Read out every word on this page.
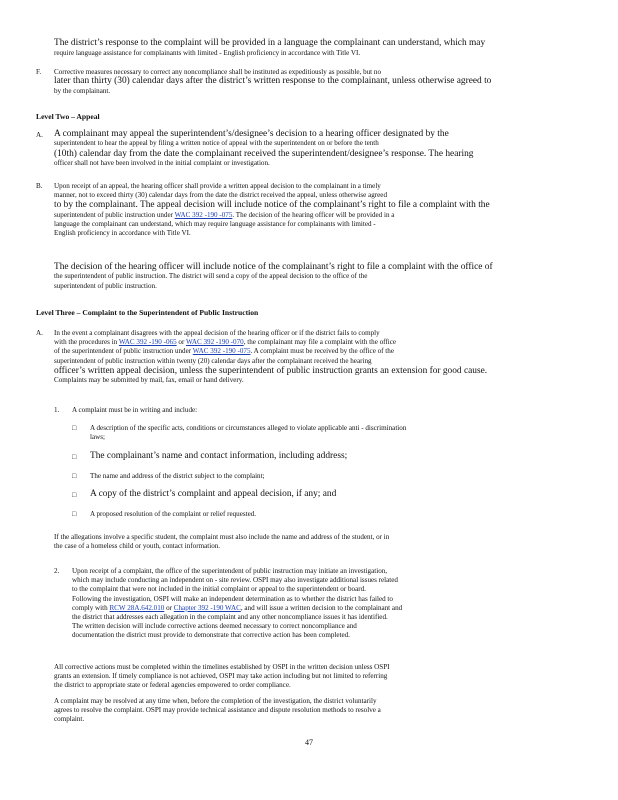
The district’s response to the complaint will be provided in a language the complainant can understand, which may
require language assistance for complainants with limited - English proficiency in accordance with Title VI.
F. Corrective measures necessary to correct any noncompliance shall be instituted as expeditiously as possible, but no
later than thirty (30) calendar days after the district’s written response to the complainant, unless otherwise agreed to
by the complainant.
Level Two – Appeal
A. A complainant may appeal the superintendent’s/designee’s decision to a hearing officer designated by the
superintendent to hear the appeal by filing a written notice of appeal with the superintendent on or before the tenth
(10th) calendar day from the date the complainant received the superintendent/designee’s response. The hearing
officer shall not have been involved in the initial complaint or investigation.
B. Upon receipt of an appeal, the hearing officer shall provide a written appeal decision to the complainant in a timely
manner, not to exceed thirty (30) calendar days from the date the district received the appeal, unless otherwise agreed
to by the complainant. The appeal decision will include notice of the complainant’s right to file a complaint with the
superintendent of public instruction under WAC 392 -190 -075. The decision of the hearing officer will be provided in a
language the complainant can understand, which may require language assistance for complainants with limited -
English proficiency in accordance with Title VI.
The decision of the hearing officer will include notice of the complainant’s right to file a complaint with the office of
the superintendent of public instruction. The district will send a copy of the appeal decision to the office of the
superintendent of public instruction.
Level Three – Complaint to the Superintendent of Public Instruction
A. In the event a complainant disagrees with the appeal decision of the hearing officer or if the district fails to comply
with the procedures in WAC 392 -190 -065 or WAC 392 -190 -070, the complainant may file a complaint with the office
of the superintendent of public instruction under WAC 392 -190 -075. A complaint must be received by the office of the
superintendent of public instruction within twenty (20) calendar days after the complainant received the hearing
officer’s written appeal decision, unless the superintendent of public instruction grants an extension for good cause.
Complaints may be submitted by mail, fax, email or hand delivery.
1. A complaint must be in writing and include:
□ A description of the specific acts, conditions or circumstances alleged to violate applicable anti - discrimination
laws;
□ The complainant’s name and contact information, including address;
□ The name and address of the district subject to the complaint;
□ A copy of the district’s complaint and appeal decision, if any; and
□ A proposed resolution of the complaint or relief requested.
If the allegations involve a specific student, the complaint must also include the name and address of the student, or in
the case of a homeless child or youth, contact information.
2. Upon receipt of a complaint, the office of the superintendent of public instruction may initiate an investigation,
which may include conducting an independent on - site review. OSPI may also investigate additional issues related
to the complaint that were not included in the initial complaint or appeal to the superintendent or board.
Following the investigation, OSPI will make an independent determination as to whether the district has failed to
comply with RCW 28A.642.010 or Chapter 392 -190 WAC, and will issue a written decision to the complainant and
the district that addresses each allegation in the complaint and any other noncompliance issues it has identified.
The written decision will include corrective actions deemed necessary to correct noncompliance and
documentation the district must provide to demonstrate that corrective action has been completed.
All corrective actions must be completed within the timelines established by OSPI in the written decision unless OSPI
grants an extension. If timely compliance is not achieved, OSPI may take action including but not limited to referring
the district to appropriate state or federal agencies empowered to order compliance.
A complaint may be resolved at any time when, before the completion of the investigation, the district voluntarily
agrees to resolve the complaint. OSPI may provide technical assistance and dispute resolution methods to resolve a
complaint.
47
